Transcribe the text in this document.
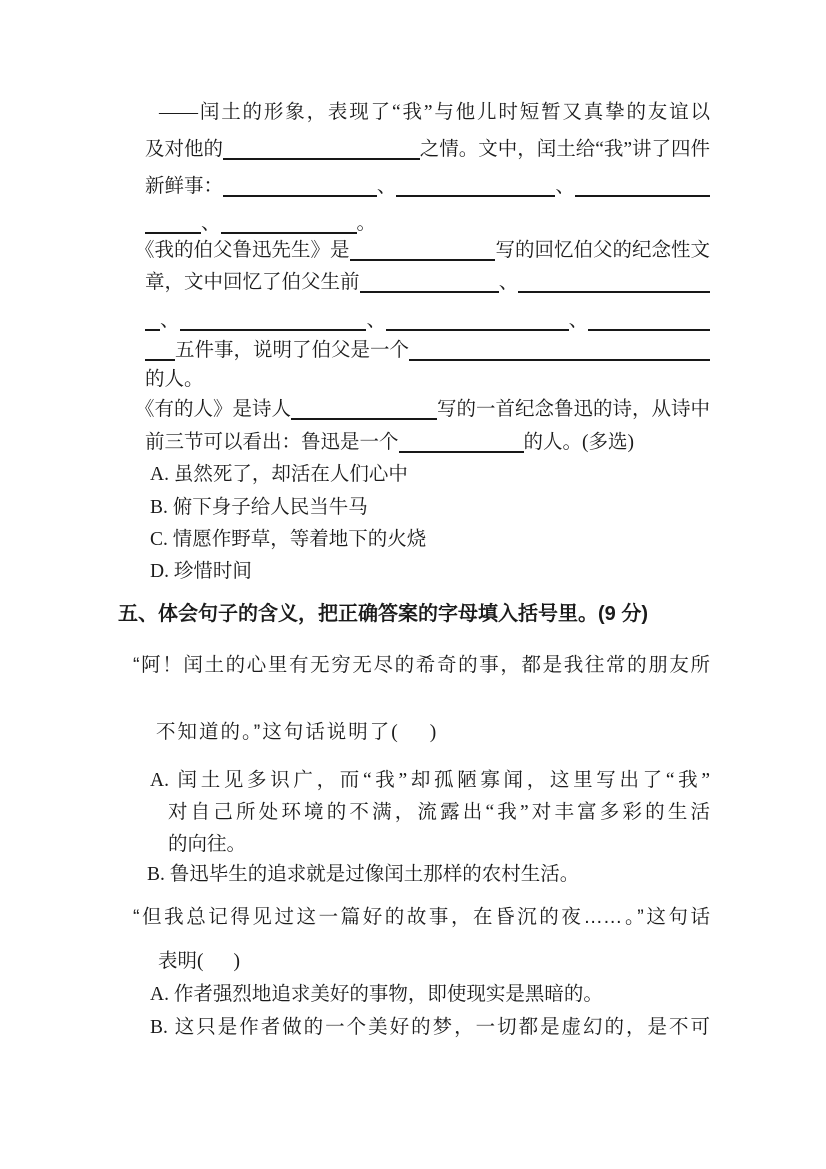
——闰土的形象，表现了“我”与他儿时短暂又真挚的友谊以
及对他的	之情。文中，闰土给“我”讲了四件
新鲜事：	、	、
、	。
《我的伯父鲁迅先生》是	写的回忆伯父的纪念性文
章，文中回忆了伯父生前	、
、	、	、
五件事，说明了伯父是一个
的人。
《有的人》是诗人	写的一首纪念鲁迅的诗，从诗中
前三节可以看出：鲁迅是一个	的人。(多选)
A. 虽然死了，却活在人们心中
B. 俯下身子给人民当牛马
C. 情愿作野草，等着地下的火烧
D. 珍惜时间
五、体会句子的含义，把正确答案的字母填入括号里。(9 分)
“阿！闰土的心里有无穷无尽的希奇的事，都是我往常的朋友所
不知道的。”这句话说明了( )
A. 闰土见多识广，而“我”却孤陋寡闻，这里写出了“我”
对自己所处环境的不满，流露出“我”对丰富多彩的生活
的向往。
B. 鲁迅毕生的追求就是过像闰土那样的农村生活。
“但我总记得见过这一篇好的故事，在昏沉的夜……。”这句话
表明( )
A. 作者强烈地追求美好的事物，即使现实是黑暗的。
B. 这只是作者做的一个美好的梦，一切都是虚幻的，是不可
